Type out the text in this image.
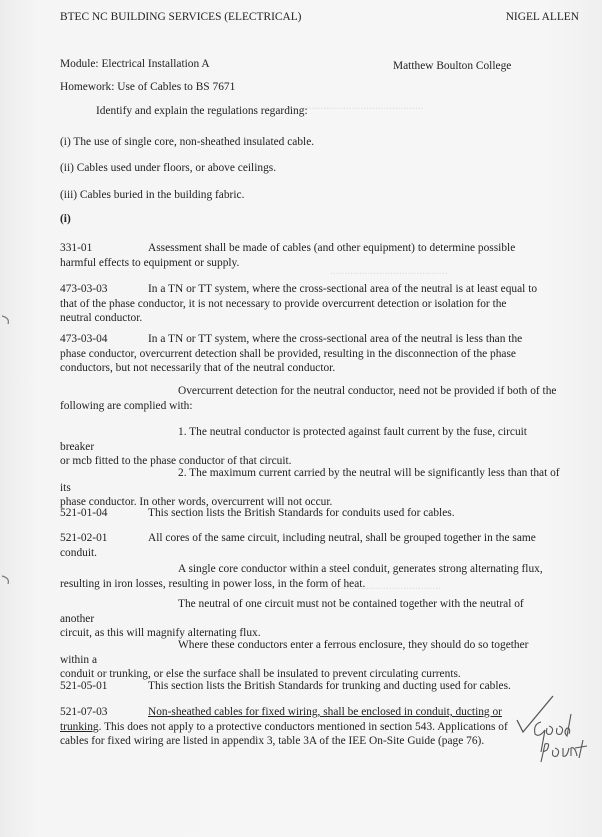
...........................................
.........................................
..........................................
BTEC NC BUILDING SERVICES (ELECTRICAL)	NIGEL ALLEN
Module: Electrical Installation A	Matthew Boulton College
Homework: Use of Cables to BS 7671
Identify and explain the regulations regarding:
(i) The use of single core, non-sheathed insulated cable.
(ii) Cables used under floors, or above ceilings.
(iii) Cables buried in the building fabric.
(i)
331-01	Assessment shall be made of cables (and other equipment) to determine possible
harmful effects to equipment or supply.
473-03-03	In a TN or TT system, where the cross-sectional area of the neutral is at least equal to
that of the phase conductor, it is not necessary to provide overcurrent detection or isolation for the
neutral conductor.
473-03-04	In a TN or TT system, where the cross-sectional area of the neutral is less than the
phase conductor, overcurrent detection shall be provided, resulting in the disconnection of the phase
conductors, but not necessarily that of the neutral conductor.
Overcurrent detection for the neutral conductor, need not be provided if both of the
following are complied with:
1. The neutral conductor is protected against fault current by the fuse, circuit breaker
or mcb fitted to the phase conductor of that circuit.
2. The maximum current carried by the neutral will be significantly less than that of its
phase conductor. In other words, overcurrent will not occur.
521-01-04	This section lists the British Standards for conduits used for cables.
521-02-01	All cores of the same circuit, including neutral, shall be grouped together in the same
conduit.
A single core conductor within a steel conduit, generates strong alternating flux,
resulting in iron losses, resulting in power loss, in the form of heat.
The neutral of one circuit must not be contained together with the neutral of another
circuit, as this will magnify alternating flux.
Where these conductors enter a ferrous enclosure, they should do so together within a
conduit or trunking, or else the surface shall be insulated to prevent circulating currents.
521-05-01	This section lists the British Standards for trunking and ducting used for cables.
521-07-03	Non-sheathed cables for fixed wiring, shall be enclosed in conduit, ducting or
trunking. This does not apply to a protective conductors mentioned in section 543. Applications of
cables for fixed wiring are listed in appendix 3, table 3A of the IEE On-Site Guide (page 76).
